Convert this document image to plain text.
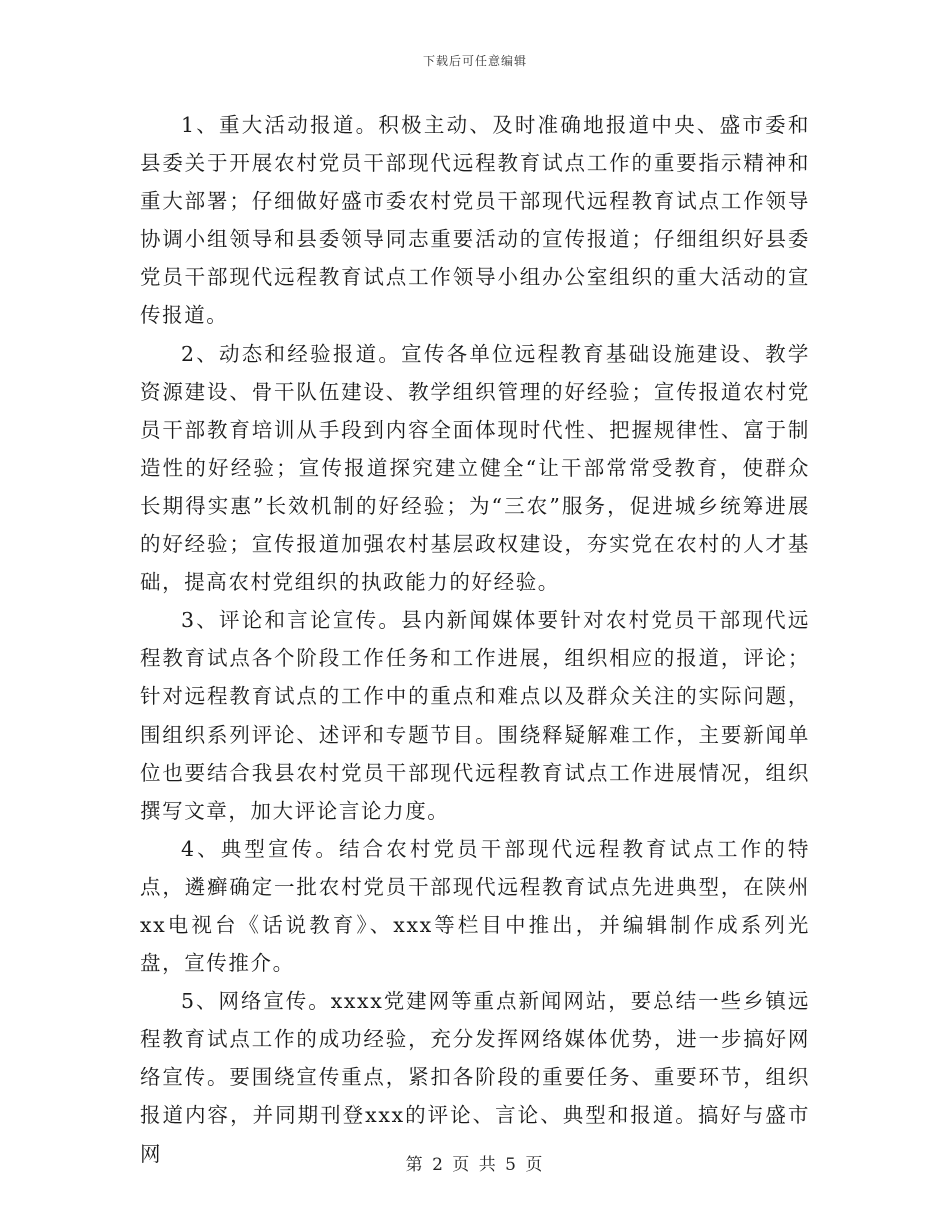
下载后可任意编辑

1、重大活动报道。积极主动、及时准确地报道中央、盛市委和县委关于开展农村党员干部现代远程教育试点工作的重要指示精神和重大部署；仔细做好盛市委农村党员干部现代远程教育试点工作领导协调小组领导和县委领导同志重要活动的宣传报道；仔细组织好县委党员干部现代远程教育试点工作领导小组办公室组织的重大活动的宣传报道。

2、动态和经验报道。宣传各单位远程教育基础设施建设、教学资源建设、骨干队伍建设、教学组织管理的好经验；宣传报道农村党员干部教育培训从手段到内容全面体现时代性、把握规律性、富于制造性的好经验；宣传报道探究建立健全“让干部常常受教育，使群众长期得实惠”长效机制的好经验；为“三农”服务，促进城乡统筹进展的好经验；宣传报道加强农村基层政权建设，夯实党在农村的人才基础，提高农村党组织的执政能力的好经验。

3、评论和言论宣传。县内新闻媒体要针对农村党员干部现代远程教育试点各个阶段工作任务和工作进展，组织相应的报道，评论；针对远程教育试点的工作中的重点和难点以及群众关注的实际问题，围组织系列评论、述评和专题节目。围绕释疑解难工作，主要新闻单位也要结合我县农村党员干部现代远程教育试点工作进展情况，组织撰写文章，加大评论言论力度。

4、典型宣传。结合农村党员干部现代远程教育试点工作的特点，遴癣确定一批农村党员干部现代远程教育试点先进典型，在陕州xx电视台《话说教育》、xxx等栏目中推出，并编辑制作成系列光盘，宣传推介。

5、网络宣传。xxxx党建网等重点新闻网站，要总结一些乡镇远程教育试点工作的成功经验，充分发挥网络媒体优势，进一步搞好网络宣传。要围绕宣传重点，紧扣各阶段的重要任务、重要环节，组织报道内容，并同期刊登xxx的评论、言论、典型和报道。搞好与盛市网	第 2 页 共 5 页
